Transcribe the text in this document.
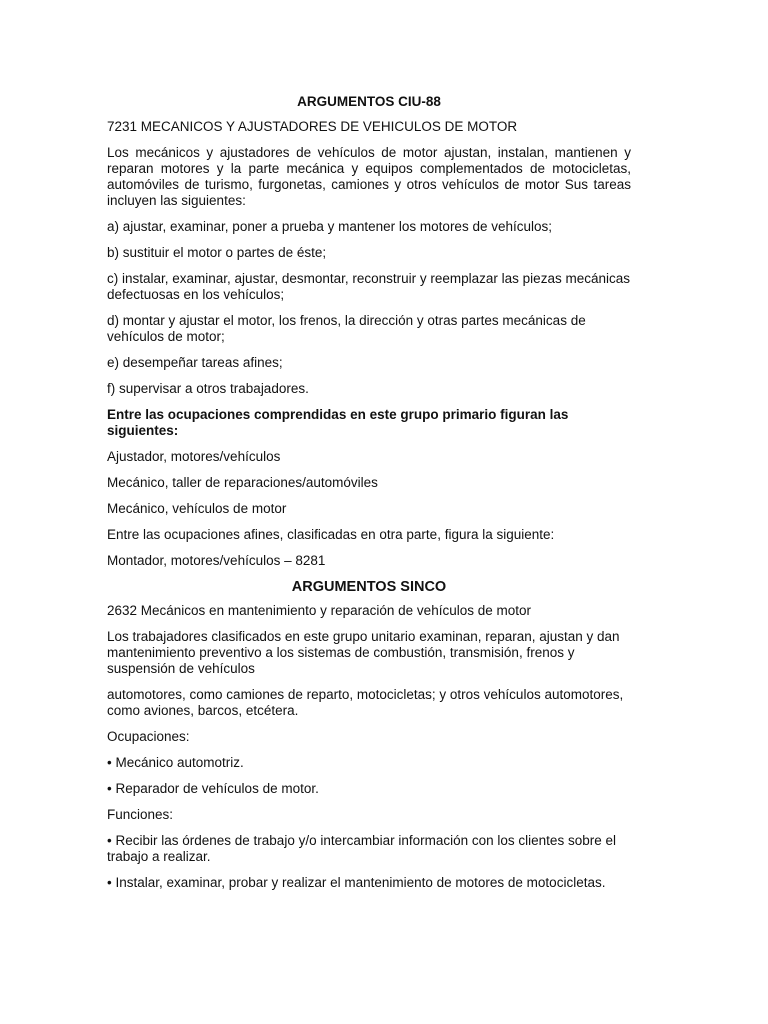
ARGUMENTOS CIU-88

7231 MECANICOS Y AJUSTADORES DE VEHICULOS DE MOTOR

Los mecánicos y ajustadores de vehículos de motor ajustan, instalan, mantienen y reparan motores y la parte mecánica y equipos complementados de motocicletas, automóviles de turismo, furgonetas, camiones y otros vehículos de motor Sus tareas incluyen las siguientes:

a) ajustar, examinar, poner a prueba y mantener los motores de vehículos;

b) sustituir el motor o partes de éste;

c) instalar, examinar, ajustar, desmontar, reconstruir y reemplazar las piezas mecánicas defectuosas en los vehículos;

d) montar y ajustar el motor, los frenos, la dirección y otras partes mecánicas de vehículos de motor;

e) desempeñar tareas afines;

f) supervisar a otros trabajadores.

Entre las ocupaciones comprendidas en este grupo primario figuran las siguientes:

Ajustador, motores/vehículos

Mecánico, taller de reparaciones/automóviles

Mecánico, vehículos de motor

Entre las ocupaciones afines, clasificadas en otra parte, figura la siguiente:

Montador, motores/vehículos – 8281

ARGUMENTOS SINCO

2632 Mecánicos en mantenimiento y reparación de vehículos de motor

Los trabajadores clasificados en este grupo unitario examinan, reparan, ajustan y dan mantenimiento preventivo a los sistemas de combustión, transmisión, frenos y suspensión de vehículos

automotores, como camiones de reparto, motocicletas; y otros vehículos automotores, como aviones, barcos, etcétera.

Ocupaciones:

• Mecánico automotriz.

• Reparador de vehículos de motor.

Funciones:

• Recibir las órdenes de trabajo y/o intercambiar información con los clientes sobre el trabajo a realizar.

• Instalar, examinar, probar y realizar el mantenimiento de motores de motocicletas.
